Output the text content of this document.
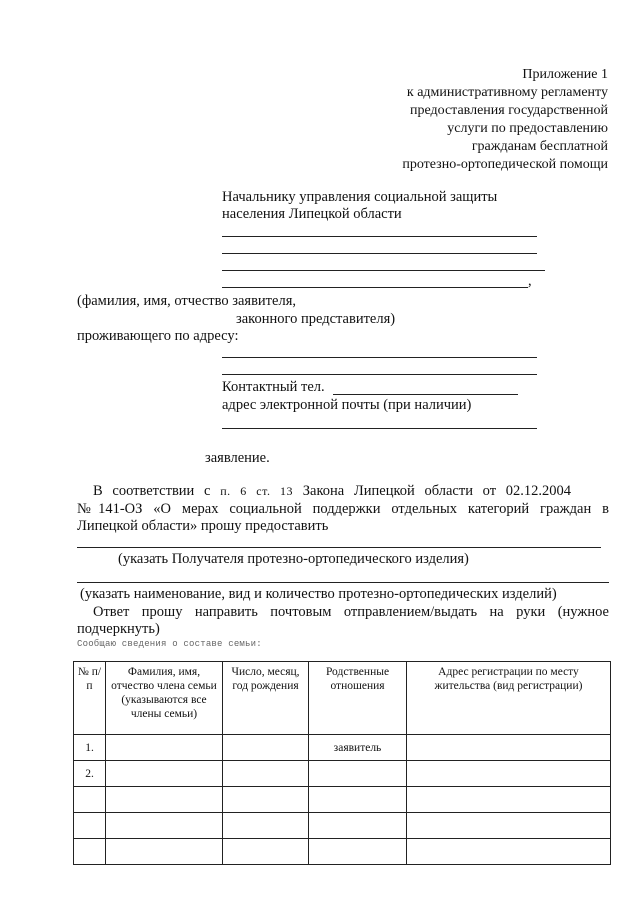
Приложение 1
к административному регламенту
предоставления государственной
услуги по предоставлению
гражданам бесплатной
протезно-ортопедической помощи
Начальнику управления социальной защиты
населения Липецкой области
,
(фамилия, имя, отчество заявителя,
законного представителя)
проживающего по адресу:
Контактный тел.
адрес электронной почты (при наличии)
заявление.
В соответствии с п. 6 ст. 13 Закона Липецкой области от 02.12.2004
№141-ОЗ «О мерах социальной поддержки отдельных категорий граждан в
Липецкой области» прошу предоставить
(указать Получателя протезно-ортопедического изделия)
(указать наименование, вид и количество протезно-ортопедических изделий)
Ответ прошу направить почтовым отправлением/выдать на руки (нужное
подчеркнуть)
Сообщаю сведения о составе семьи:
№ п/п	Фамилия, имя, отчество члена семьи (указываются все члены семьи)	Число, месяц, год рождения	Родственные отношения	Адрес регистрации по месту жительства (вид регистрации)
1.			заявитель	
2.				
